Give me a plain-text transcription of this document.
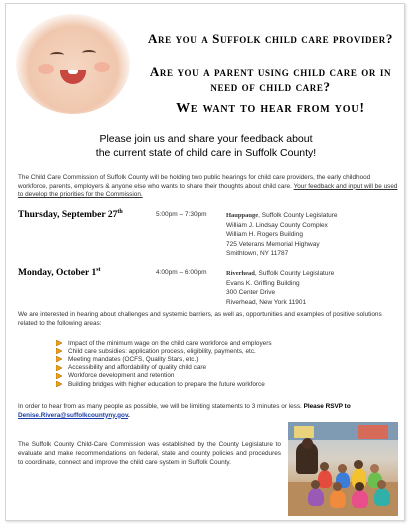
Are you a Suffolk child care provider?
Are you a parent using child care or in need of child care?
We want to hear from you!
Please join us and share your feedback about
the current state of child care in Suffolk County!
The Child Care Commission of Suffolk County will be holding two public hearings for child care providers, the early childhood workforce, parents, employers & anyone else who wants to share their thoughts about child care. Your feedback and input will be used to develop the priorities for the Commission.
Thursday, September 27th	5:00pm – 7:30pm	Hauppauge, Suffolk County Legislature
William J. Lindsay County Complex
William H. Rogers Building
725 Veterans Memorial Highway
Smithtown, NY 11787
Monday, October 1st	4:00pm – 6:00pm	Riverhead, Suffolk County Legislature
Evans K. Griffing Building
300 Center Drive
Riverhead, New York 11901
We are interested in hearing about challenges and systemic barriers, as well as, opportunities and examples of positive solutions related to the following areas:
Impact of the minimum wage on the child care workforce and employers
Child care subsidies: application process, eligibility, payments, etc.
Meeting mandates (OCFS, Quality Stars, etc.)
Accessibility and affordability of quality child care
Workforce development and retention
Building bridges with higher education to prepare the future workforce
In order to hear from as many people as possible, we will be limiting statements to 3 minutes or less. Please RSVP to Denise.Rivera@suffolkcountyny.gov.
The Suffolk County Child-Care Commission was established by the County Legislature to evaluate and make recommendations on federal, state and county policies and procedures to coordinate, connect and improve the child care system in Suffolk County.
